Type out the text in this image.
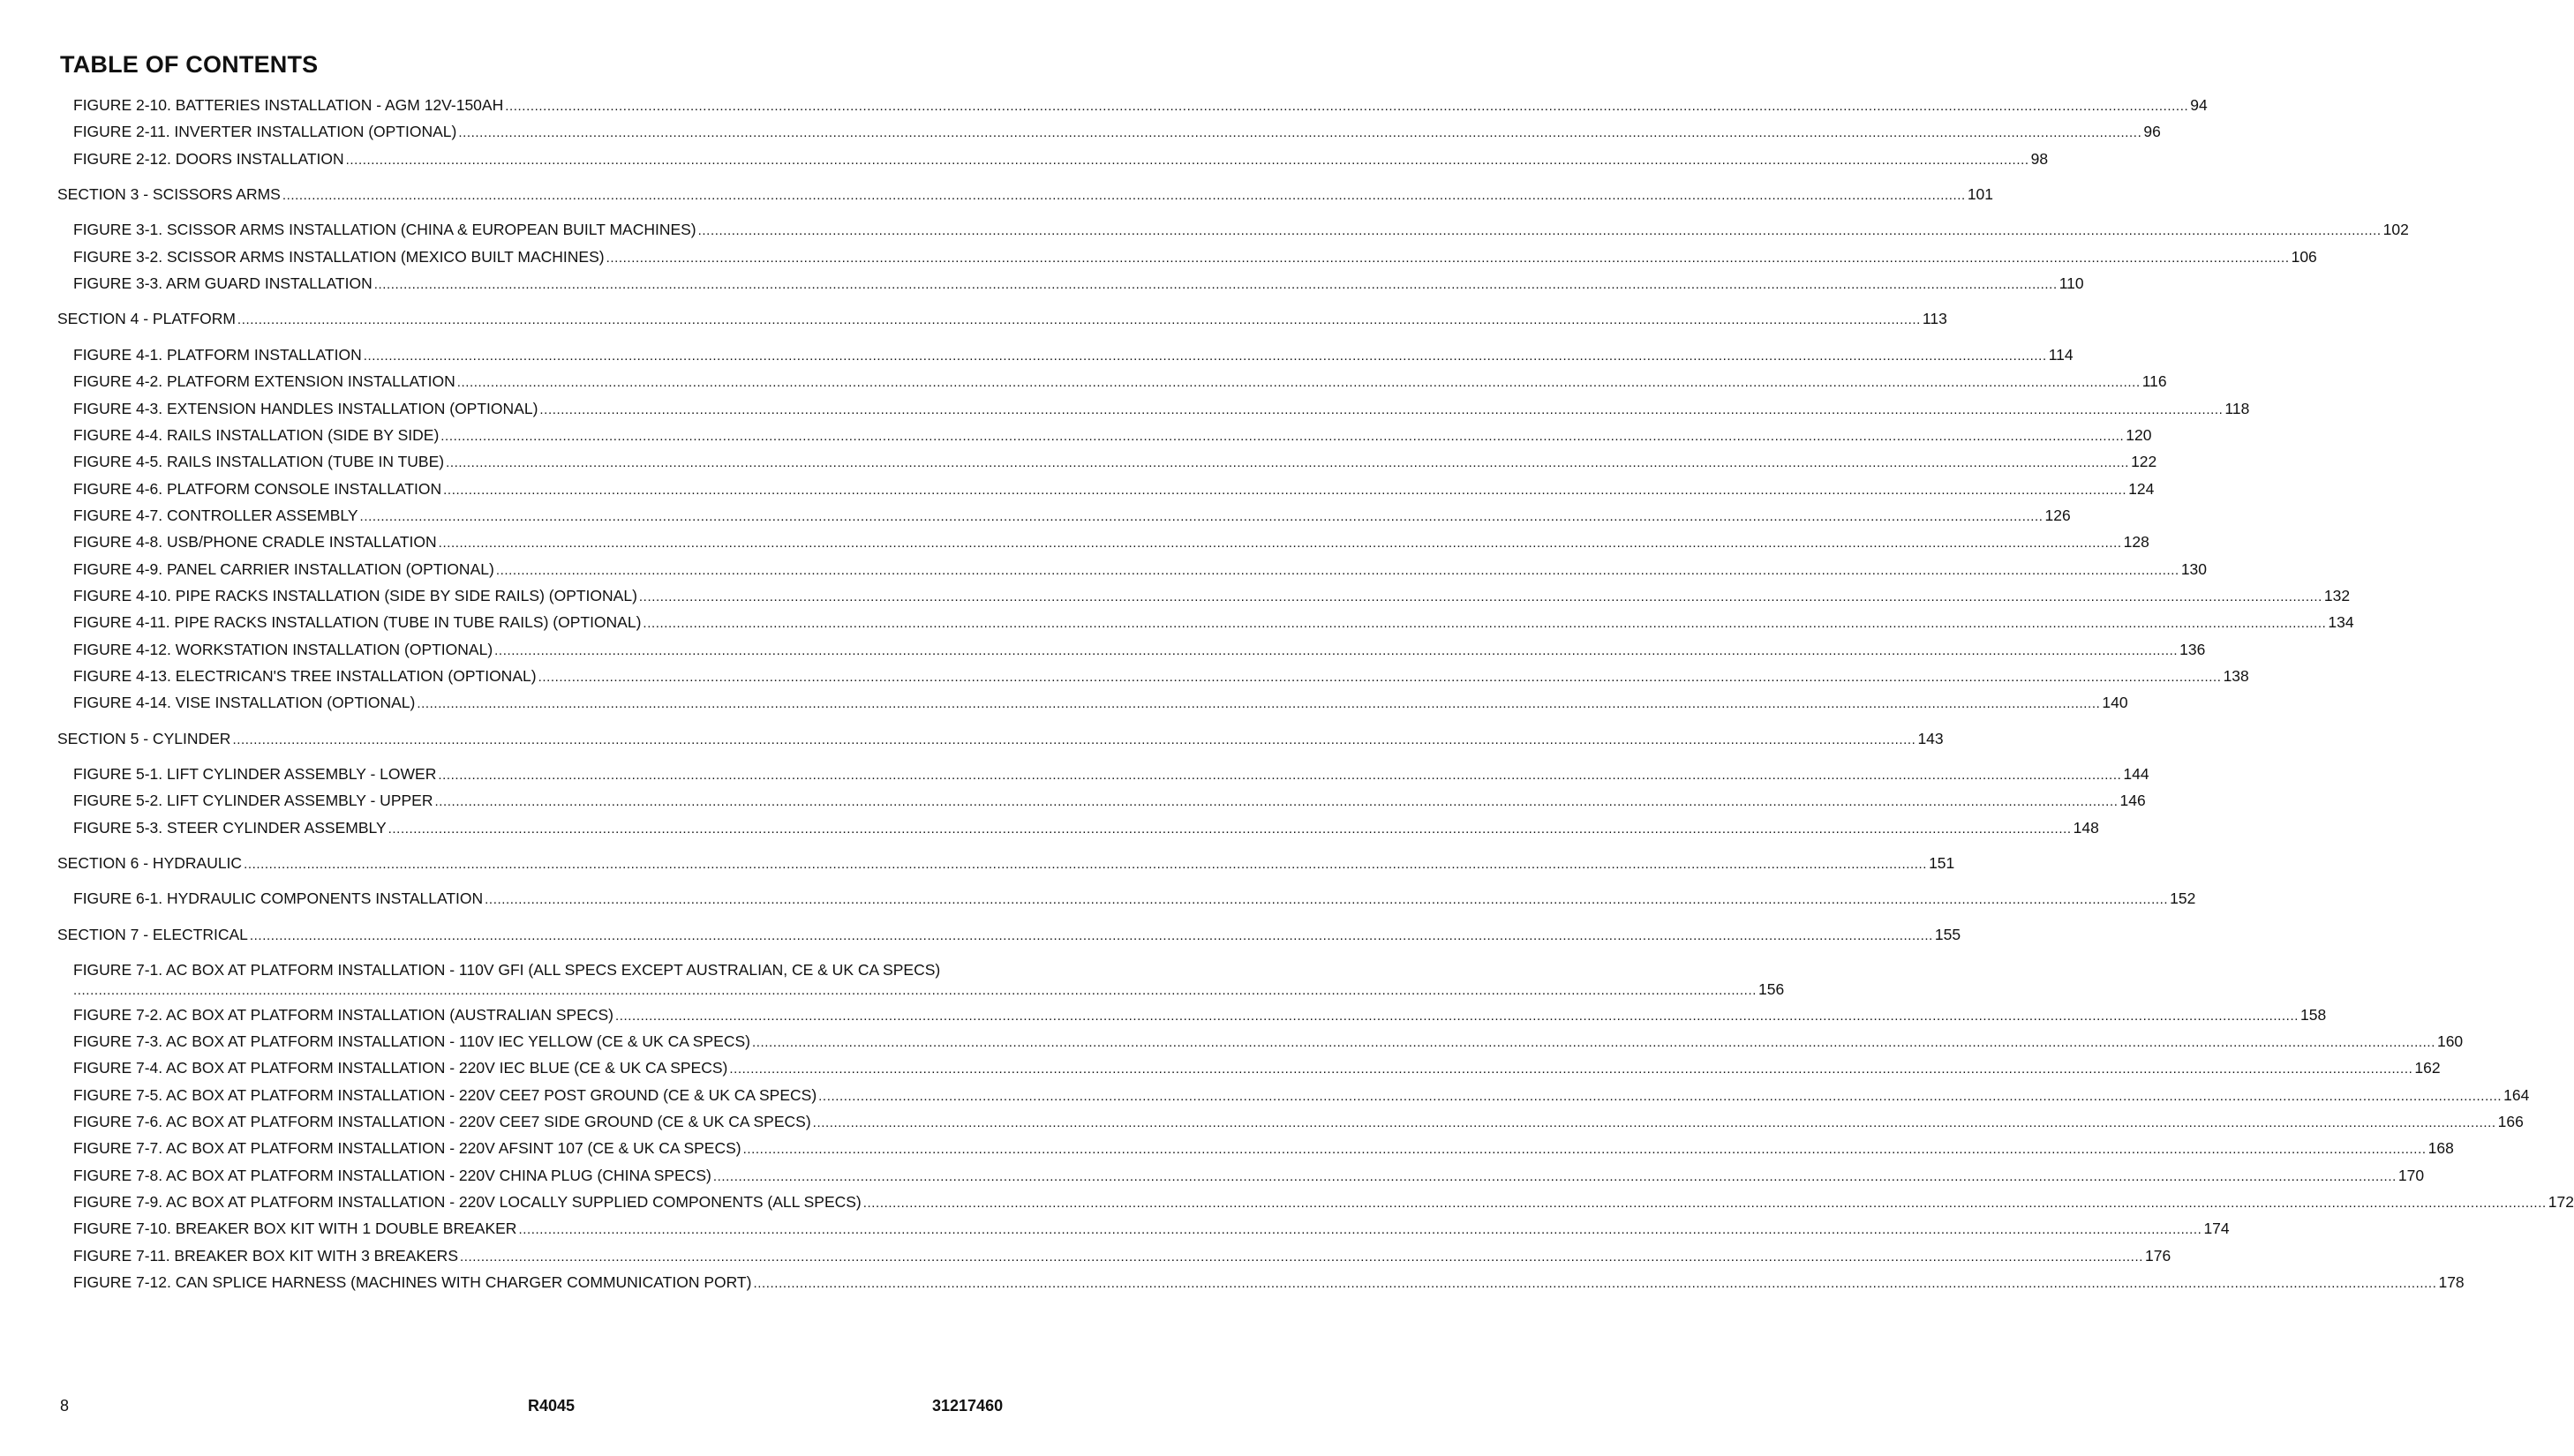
TABLE OF CONTENTS
FIGURE 2-10. BATTERIES INSTALLATION - AGM 12V-150AH ................................................................................................................................................................................................................................................................................................................................................................................................................ 94
FIGURE 2-11. INVERTER INSTALLATION (OPTIONAL) ................................................................................................................................................................................................................................................................................................................................................................................................................ 96
FIGURE 2-12. DOORS INSTALLATION ................................................................................................................................................................................................................................................................................................................................................................................................................ 98
SECTION 3 - SCISSORS ARMS ................................................................................................................................................................................................................................................................................................................................................................................................................ 101
FIGURE 3-1. SCISSOR ARMS INSTALLATION (CHINA & EUROPEAN BUILT MACHINES) ................................................................................................................................................................................................................................................................................................................................................................................................................ 102
FIGURE 3-2. SCISSOR ARMS INSTALLATION (MEXICO BUILT MACHINES) ................................................................................................................................................................................................................................................................................................................................................................................................................ 106
FIGURE 3-3. ARM GUARD INSTALLATION ................................................................................................................................................................................................................................................................................................................................................................................................................ 110
SECTION 4 - PLATFORM ................................................................................................................................................................................................................................................................................................................................................................................................................ 113
FIGURE 4-1. PLATFORM INSTALLATION ................................................................................................................................................................................................................................................................................................................................................................................................................ 114
FIGURE 4-2. PLATFORM EXTENSION INSTALLATION ................................................................................................................................................................................................................................................................................................................................................................................................................ 116
FIGURE 4-3. EXTENSION HANDLES INSTALLATION (OPTIONAL) ................................................................................................................................................................................................................................................................................................................................................................................................................ 118
FIGURE 4-4. RAILS INSTALLATION (SIDE BY SIDE) ................................................................................................................................................................................................................................................................................................................................................................................................................ 120
FIGURE 4-5. RAILS INSTALLATION (TUBE IN TUBE) ................................................................................................................................................................................................................................................................................................................................................................................................................ 122
FIGURE 4-6. PLATFORM CONSOLE INSTALLATION ................................................................................................................................................................................................................................................................................................................................................................................................................ 124
FIGURE 4-7. CONTROLLER ASSEMBLY ................................................................................................................................................................................................................................................................................................................................................................................................................ 126
FIGURE 4-8. USB/PHONE CRADLE INSTALLATION ................................................................................................................................................................................................................................................................................................................................................................................................................ 128
FIGURE 4-9. PANEL CARRIER INSTALLATION (OPTIONAL) ................................................................................................................................................................................................................................................................................................................................................................................................................ 130
FIGURE 4-10. PIPE RACKS INSTALLATION (SIDE BY SIDE RAILS) (OPTIONAL) ................................................................................................................................................................................................................................................................................................................................................................................................................ 132
FIGURE 4-11. PIPE RACKS INSTALLATION (TUBE IN TUBE RAILS) (OPTIONAL) ................................................................................................................................................................................................................................................................................................................................................................................................................ 134
FIGURE 4-12. WORKSTATION INSTALLATION (OPTIONAL) ................................................................................................................................................................................................................................................................................................................................................................................................................ 136
FIGURE 4-13. ELECTRICAN'S TREE INSTALLATION (OPTIONAL) ................................................................................................................................................................................................................................................................................................................................................................................................................ 138
FIGURE 4-14. VISE INSTALLATION (OPTIONAL) ................................................................................................................................................................................................................................................................................................................................................................................................................ 140
SECTION 5 - CYLINDER ................................................................................................................................................................................................................................................................................................................................................................................................................ 143
FIGURE 5-1. LIFT CYLINDER ASSEMBLY - LOWER ................................................................................................................................................................................................................................................................................................................................................................................................................ 144
FIGURE 5-2. LIFT CYLINDER ASSEMBLY - UPPER ................................................................................................................................................................................................................................................................................................................................................................................................................ 146
FIGURE 5-3. STEER CYLINDER ASSEMBLY ................................................................................................................................................................................................................................................................................................................................................................................................................ 148
SECTION 6 - HYDRAULIC ................................................................................................................................................................................................................................................................................................................................................................................................................ 151
FIGURE 6-1. HYDRAULIC COMPONENTS INSTALLATION ................................................................................................................................................................................................................................................................................................................................................................................................................ 152
SECTION 7 - ELECTRICAL ................................................................................................................................................................................................................................................................................................................................................................................................................ 155
FIGURE 7-1. AC BOX AT PLATFORM INSTALLATION - 110V GFI (ALL SPECS EXCEPT AUSTRALIAN, CE & UK CA SPECS)
................................................................................................................................................................................................................................................................................................................................................................................................................ 156
FIGURE 7-2. AC BOX AT PLATFORM INSTALLATION (AUSTRALIAN SPECS) ................................................................................................................................................................................................................................................................................................................................................................................................................ 158
FIGURE 7-3. AC BOX AT PLATFORM INSTALLATION - 110V IEC YELLOW (CE & UK CA SPECS) ................................................................................................................................................................................................................................................................................................................................................................................................................ 160
FIGURE 7-4. AC BOX AT PLATFORM INSTALLATION - 220V IEC BLUE (CE & UK CA SPECS) ................................................................................................................................................................................................................................................................................................................................................................................................................ 162
FIGURE 7-5. AC BOX AT PLATFORM INSTALLATION - 220V CEE7 POST GROUND (CE & UK CA SPECS) ................................................................................................................................................................................................................................................................................................................................................................................................................ 164
FIGURE 7-6. AC BOX AT PLATFORM INSTALLATION - 220V CEE7 SIDE GROUND (CE & UK CA SPECS) ................................................................................................................................................................................................................................................................................................................................................................................................................ 166
FIGURE 7-7. AC BOX AT PLATFORM INSTALLATION - 220V AFSINT 107 (CE & UK CA SPECS) ................................................................................................................................................................................................................................................................................................................................................................................................................ 168
FIGURE 7-8. AC BOX AT PLATFORM INSTALLATION - 220V CHINA PLUG (CHINA SPECS) ................................................................................................................................................................................................................................................................................................................................................................................................................ 170
FIGURE 7-9. AC BOX AT PLATFORM INSTALLATION - 220V LOCALLY SUPPLIED COMPONENTS (ALL SPECS) ................................................................................................................................................................................................................................................................................................................................................................................................................ 172
FIGURE 7-10. BREAKER BOX KIT WITH 1 DOUBLE BREAKER ................................................................................................................................................................................................................................................................................................................................................................................................................ 174
FIGURE 7-11. BREAKER BOX KIT WITH 3 BREAKERS ................................................................................................................................................................................................................................................................................................................................................................................................................ 176
FIGURE 7-12. CAN SPLICE HARNESS (MACHINES WITH CHARGER COMMUNICATION PORT) ................................................................................................................................................................................................................................................................................................................................................................................................................ 178
8	R4045	31217460
